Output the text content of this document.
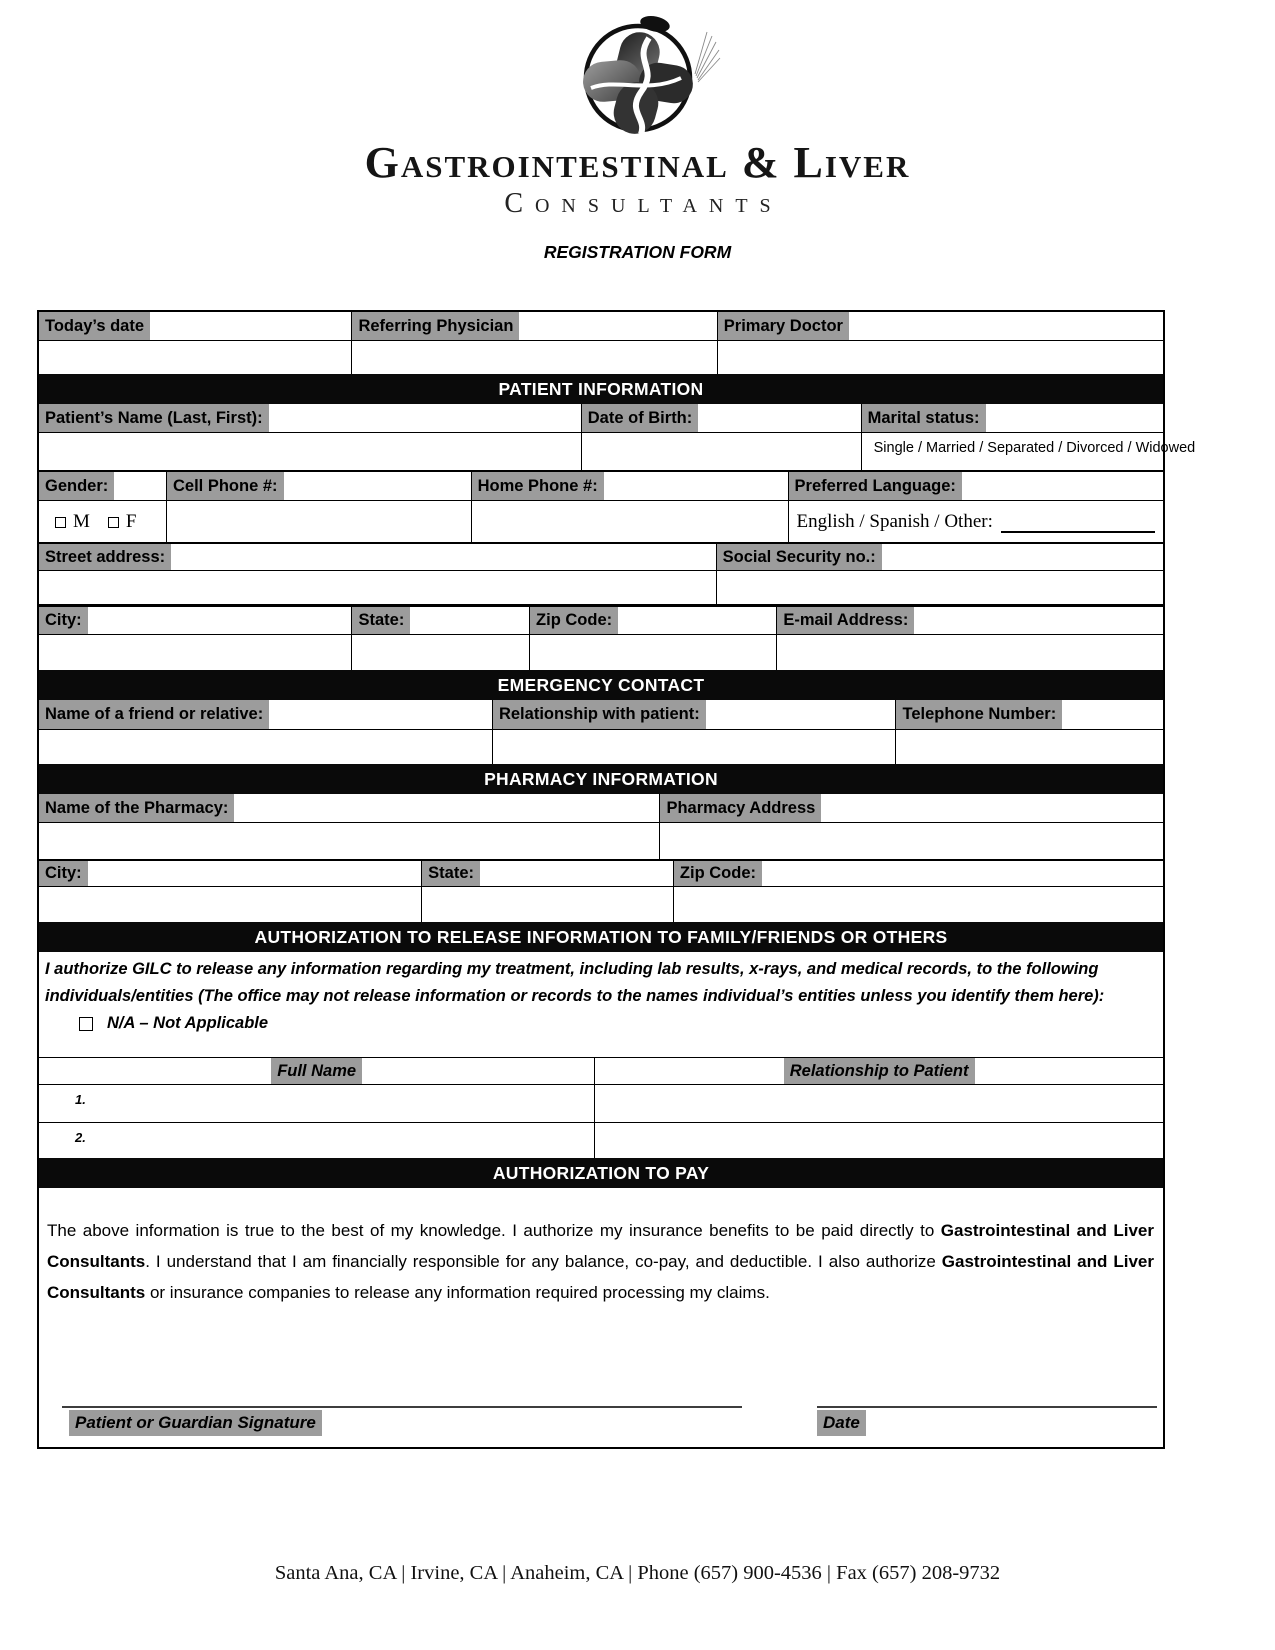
Gastrointestinal & Liver
Consultants
REGISTRATION FORM
Today’s date	Referring Physician	Primary Doctor
PATIENT INFORMATION
Patient’s Name (Last, First):	Date of Birth:	Marital status:
Single / Married / Separated / Divorced / Widowed
Gender:	Cell Phone #:	Home Phone #:	Preferred Language:
M	F	English / Spanish / Other:
Street address:	Social Security no.:
City:	State:	Zip Code:	E-mail Address:
EMERGENCY CONTACT
Name of a friend or relative:	Relationship with patient:	Telephone Number:
PHARMACY INFORMATION
Name of the Pharmacy:	Pharmacy Address
City:	State:	Zip Code:
AUTHORIZATION TO RELEASE INFORMATION TO FAMILY/FRIENDS OR OTHERS
I authorize GILC to release any information regarding my treatment, including lab results, x-rays, and medical records, to the following individuals/entities (The office may not release information or records to the names individual’s entities unless you identify them here):
N/A – Not Applicable
Full Name	Relationship to Patient
1.
2.
AUTHORIZATION TO PAY
The above information is true to the best of my knowledge. I authorize my insurance benefits to be paid directly to Gastrointestinal and Liver Consultants. I understand that I am financially responsible for any balance, co-pay, and deductible. I also authorize Gastrointestinal and Liver Consultants or insurance companies to release any information required processing my claims.
Patient or Guardian Signature	Date
Santa Ana, CA | Irvine, CA | Anaheim, CA | Phone (657) 900-4536 | Fax (657) 208-9732
